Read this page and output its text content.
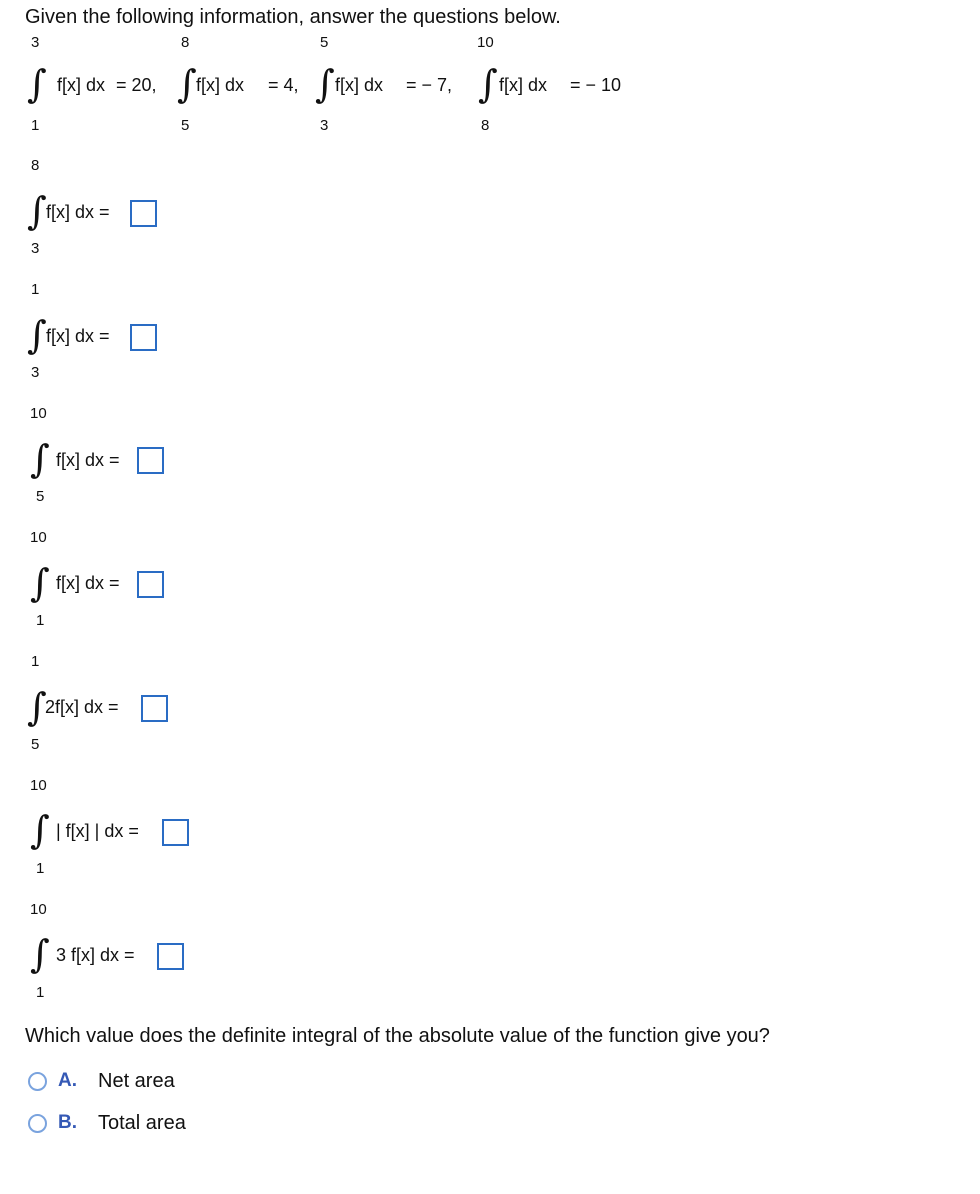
Given the following information, answer the questions below.
3
∫ f[x] dx = 20,
1
8
∫ f[x] dx = 4,
5
5
∫ f[x] dx = − 7,
3
10
∫ f[x] dx = − 10
8
8
∫ f[x] dx =
3
1
∫ f[x] dx =
3
10
∫ f[x] dx =
5
10
∫ f[x] dx =
1
1
∫
2f[x] dx =
5
10
∫ | f[x] | dx =
1
10
∫ 3 f[x] dx =
1
Which value does the definite integral of the absolute value of the function give you?
A.	Net area
B.	Total area
